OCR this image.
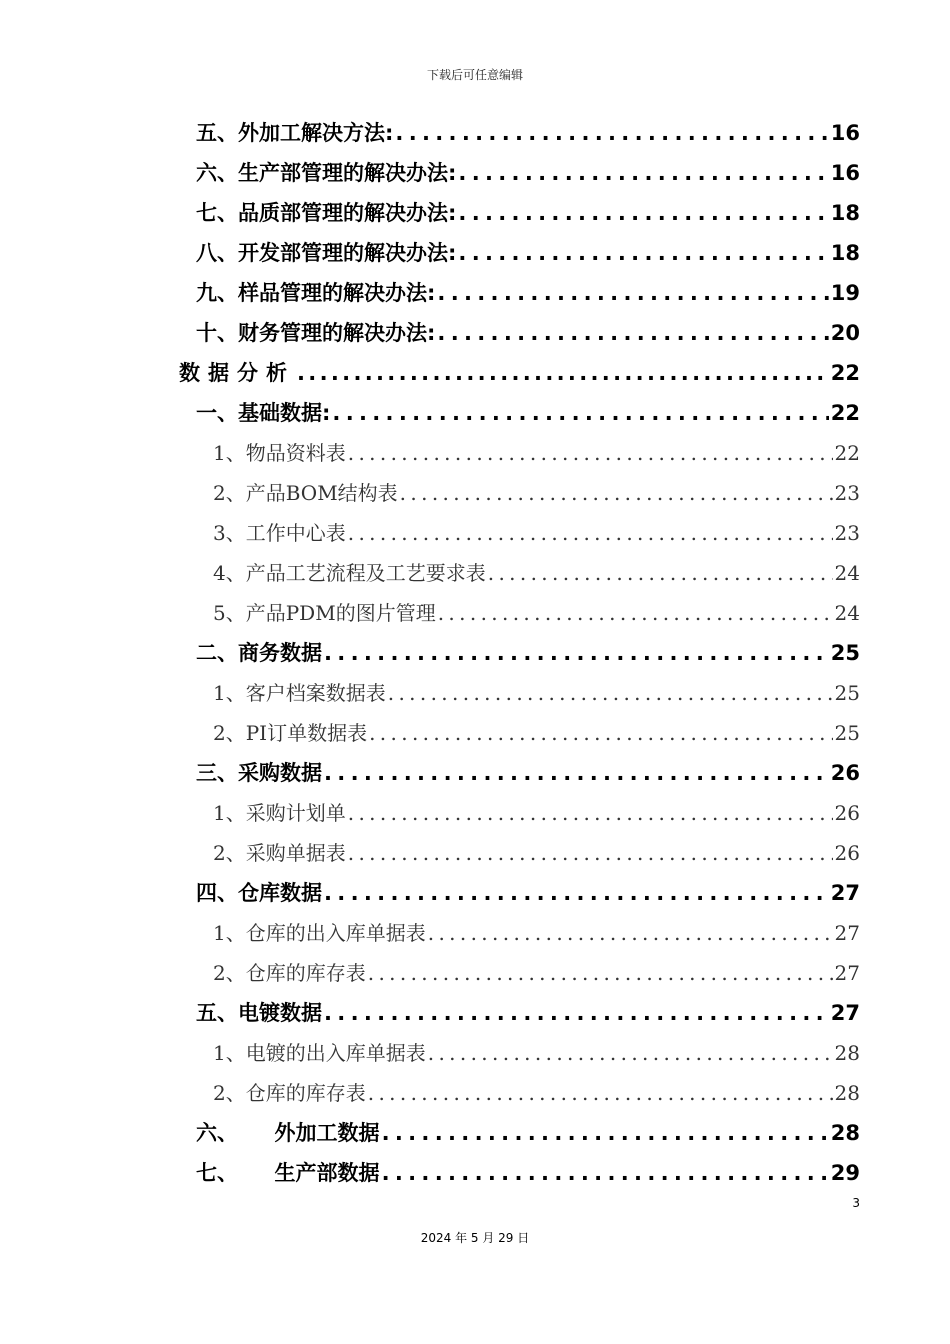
下载后可任意编辑
五、外加工解决方法: . . .	16
六、生产部管理的解决办法: . . .	16
七、品质部管理的解决办法: . . .	18
八、开发部管理的解决办法: . . .	18
九、样品管理的解决办法: . . .	19
十、财务管理的解决办法: . . .	20
数据分析 . . .	22
一、基础数据: . . .	22
1、物品资料表 . . .	22
2、产品BOM结构表 . . .	23
3、工作中心表 . . .	23
4、产品工艺流程及工艺要求表 . . .	24
5、产品PDM的图片管理 . . .	24
二、商务数据 . . .	25
1、客户档案数据表 . . .	25
2、PI订单数据表 . . .	25
三、采购数据 . . .	26
1、采购计划单 . . .	26
2、采购单据表 . . .	26
四、仓库数据 . . .	27
1、仓库的出入库单据表 . . .	27
2、仓库的库存表 . . .	27
五、电镀数据 . . .	27
1、电镀的出入库单据表 . . .	28
2、仓库的库存表 . . .	28
六、     外加工数据 . . .	28
七、     生产部数据 . . .	29
3
2024 年 5 月 29 日
